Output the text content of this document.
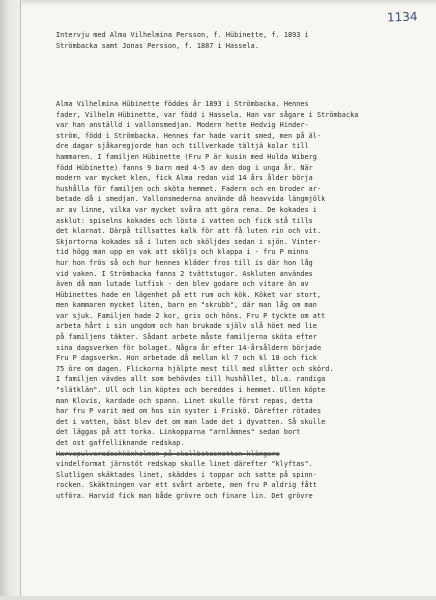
1134
Intervju med Alma Vilhelmina Persson, f. Hübinette, f. 1893 i
Strömbacka samt Jonas Persson, f. 1887 i Hassela.
Alma Vilhelmina Hübinette föddes år 1893 i Strömbacka. Hennes
fader, Vilhelm Hübinette, var född i Hassela. Han var sågare i Strömbacka
var han anställd i vallonsmedjan. Modern hette Hedvig Hinder-
ström, född i Strömbacka. Hennes far hade varit smed, men på äl-
dre dagar sjåkaregjorde han och tillverkade tältjä kolar till
hammaren. I familjen Hübinette (Fru P är kusin med Hulda Wiberg
född Hübinette) fanns 9 barn med 4-5 av den dog i unga år. När
modern var mycket klen, fick Alma redan vid 14 års ålder börja
hushålla för familjen och sköta hemmet. Fadern och en broder ar-
betade då i smedjan. Vallonsmederna använde då heavvida längmjölk
ar av linne, vilka var mycket svåra att göra rena. De kokades i
asklut: spiselns kokades och lösta i vatten och fick stå tills
det klarnat. Därpå tillsattes kalk för att få luten rin och vit.
Skjortorna kokades så i luten och sköljdes sedan i sjön. Vinter-
tid högg man upp en vak att sköljs och klappa i - fru P minns
hur hon frös så och hur hennes kläder fros till is där hon låg
vid vaken. I Strömbacka fanns 2 tvättstugor. Askluten användes
även då man lutade lutfisk - den blev godare och vitare än av
Hübinettes hade en lägenhet på ett rum och kök. Köket var stort,
men kammaren mycket liten, barn en "skrubb", där man låg om man
var sjuk. Familjen hade 2 kor, gris och höns. Fru P tyckte om att
arbeta hårt i sin ungdom och han brukade själv slå höet med lie
på familjens täkter. Sådant arbete måste familjerna sköta efter
sina dagsverken för bolaget. Några år efter 14-årsåldern började
Fru P dagsverkn. Hon arbetade då mellan kl 7 och kl 18 och fick
75 öre om dagen. Flickorna hjälpte mest till med slåtter och skörd.
I familjen vävdes allt som behövdes till hushållet, bl.a. randiga
"slätklän". Ull och lin köptes och bereddes i hemmet. Ullen köpte
man Klovis, kardade och spann. Linet skulle först repas, detta
har fru P varit med om hos sin syster i Friskö. Därefter rötades
det i vatten, bäst blev det om man lade det i dyvatten. Så skulle
det läggas på att torka. Linkopparna "arnlämnes" sedan bort
det ost gaffelliknande redskap.
Harvepulveradeshkänholmen på skallbetesnettan klängare
vindelformat järnstöt redskap skulle linet därefter "klyftas".
Slutligen skäktades linet, skäddes i toppar och satte på spinn-
rocken. Skäktningen var ett svårt arbete, men fru P aldrig fått
utföra. Harvid fick man både grövre och finare lin. Det grövre
